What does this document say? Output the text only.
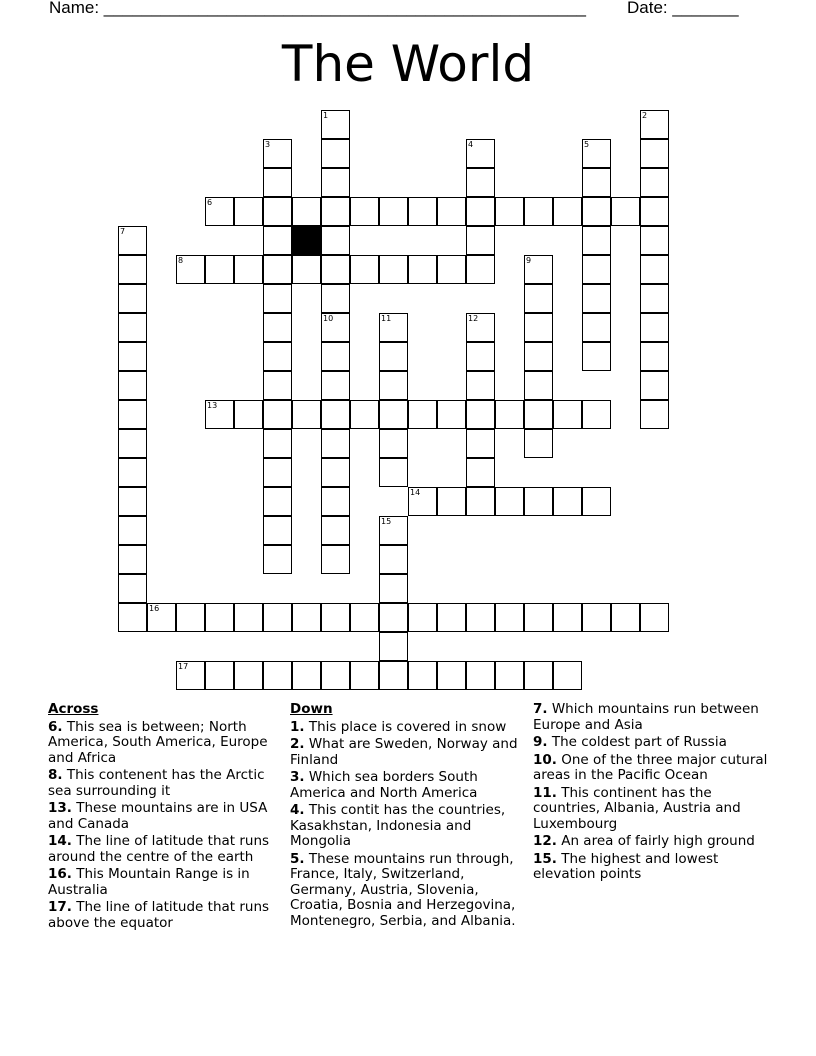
Name: ___________________________________________________ Date: _______
The World
1	2
3	4	5
6
7
8	9
10	11	12
13
14
15
16
17
Across
6. This sea is between; North America, South America, Europe and Africa
8. This contenent has the Arctic sea surrounding it
13. These mountains are in USA and Canada
14. The line of latitude that runs around the centre of the earth
16. This Mountain Range is in Australia
17. The line of latitude that runs above the equator
Down
1. This place is covered in snow
2. What are Sweden, Norway and Finland
3. Which sea borders South America and North America
4. This contit has the countries, Kasakhstan, Indonesia and Mongolia
5. These mountains run through, France, Italy, Switzerland, Germany, Austria, Slovenia, Croatia, Bosnia and Herzegovina, Montenegro, Serbia, and Albania.
7. Which mountains run between Europe and Asia
9. The coldest part of Russia
10. One of the three major cutural areas in the Pacific Ocean
11. This continent has the countries, Albania, Austria and Luxembourg
12. An area of fairly high ground
15. The highest and lowest elevation points
